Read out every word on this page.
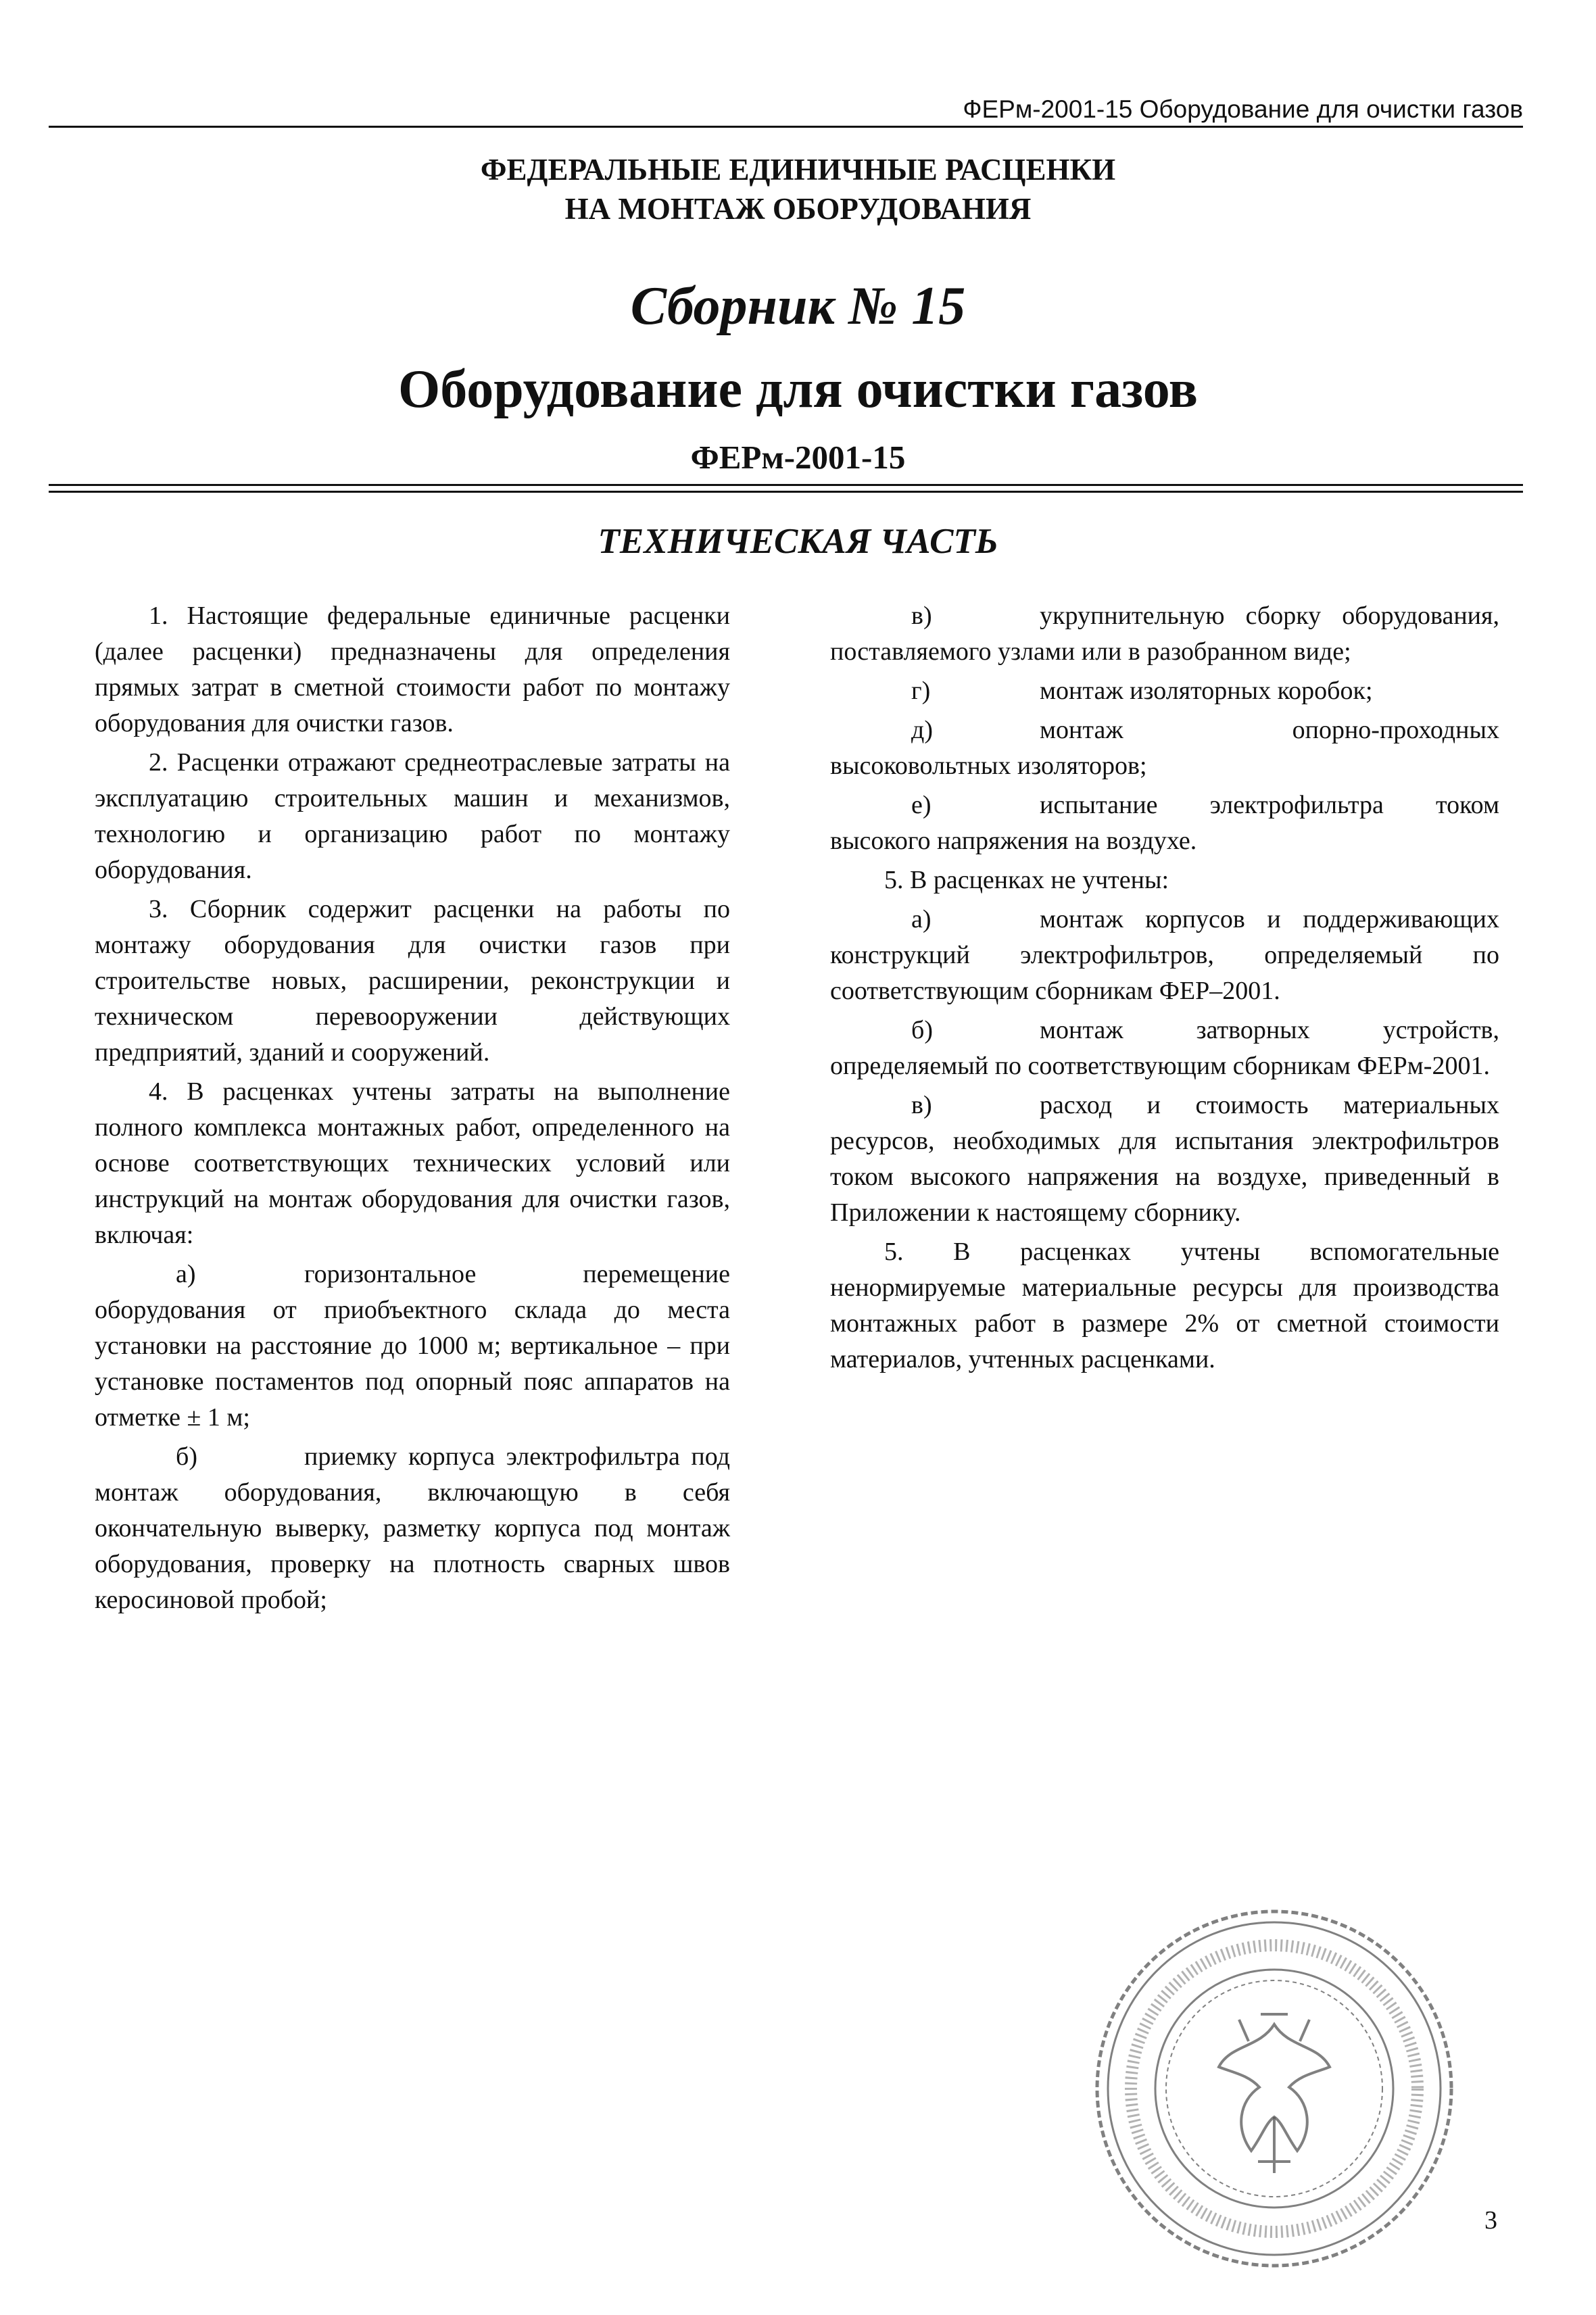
ФЕРм-2001-15 Оборудование для очистки газов
ФЕДЕРАЛЬНЫЕ ЕДИНИЧНЫЕ РАСЦЕНКИ
НА МОНТАЖ ОБОРУДОВАНИЯ
Сборник № 15
Оборудование для очистки газов
ФЕРм-2001-15
ТЕХНИЧЕСКАЯ ЧАСТЬ

1. Настоящие федеральные единичные расценки (далее расценки) предназначены для определения прямых затрат в сметной стоимости работ по монтажу оборудования для очистки газов.

2. Расценки отражают среднеотраслевые затраты на эксплуатацию строительных машин и механизмов, технологию и организацию работ по монтажу оборудования.

3. Сборник содержит расценки на работы по монтажу оборудования для очистки газов при строительстве новых, расширении, реконструкции и техническом перевооружении действующих предприятий, зданий и сооружений.

4. В расценках учтены затраты на выполнение полного комплекса монтажных работ, определенного на основе соответствующих технических условий или инструкций на монтаж оборудования для очистки газов, включая:

а)	горизонтальное перемещение оборудования от приобъектного склада до места установки на расстояние до 1000 м; вертикальное – при установке постаментов под опорный пояс аппаратов на отметке ± 1 м;

б)	приемку корпуса электрофильтра под монтаж оборудования, включающую в себя окончательную выверку, разметку корпуса под монтаж оборудования, проверку на плотность сварных швов керосиновой пробой;

в)	укрупнительную сборку оборудования, поставляемого узлами или в разобранном виде;

г)	монтаж изоляторных коробок;

д)	монтаж опорно-проходных высоковольтных изоляторов;

е)	испытание электрофильтра током высокого напряжения на воздухе.

5. В расценках не учтены:

а)	монтаж корпусов и поддерживающих конструкций электрофильтров, определяемый по соответствующим сборникам ФЕР–2001.

б)	монтаж затворных устройств, определяемый по соответствующим сборникам ФЕРм-2001.

в)	расход и стоимость материальных ресурсов, необходимых для испытания электрофильтров током высокого напряжения на воздухе, приведенный в Приложении к настоящему сборнику.

5. В расценках учтены вспомогательные ненормируемые материальные ресурсы для производства монтажных работ в размере 2% от сметной стоимости материалов, учтенных расценками.

3
